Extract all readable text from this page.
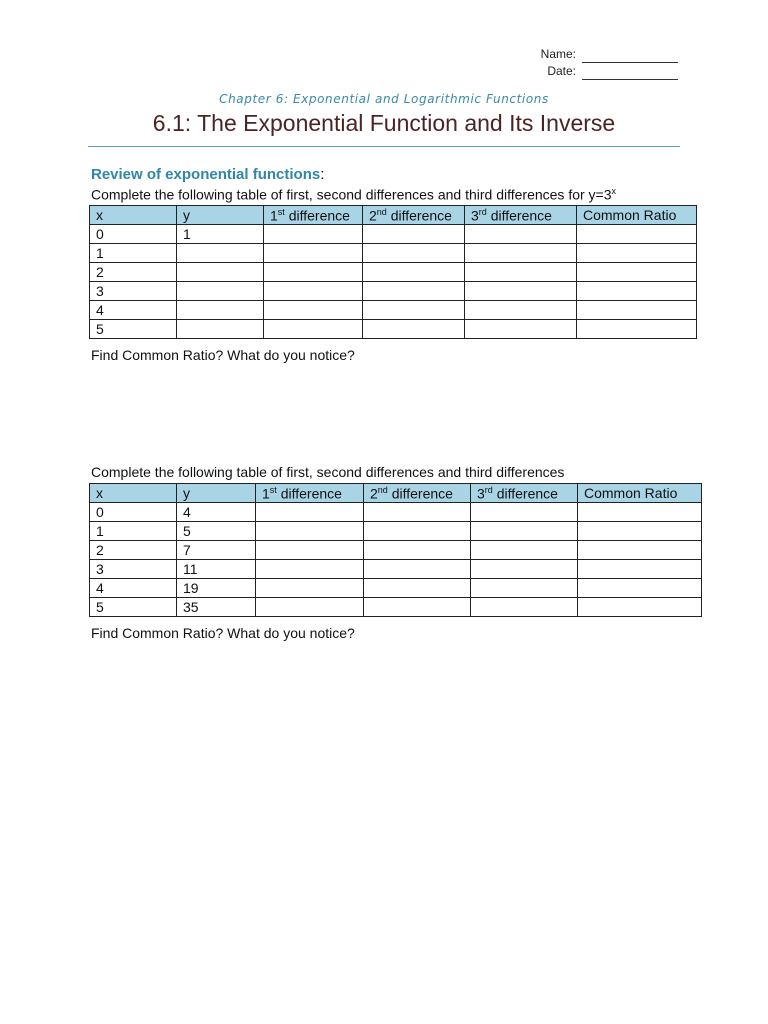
Name:
Date:
Chapter 6: Exponential and Logarithmic Functions
6.1: The Exponential Function and Its Inverse
Review of exponential functions:
Complete the following table of first, second differences and third differences for $y=3^x$
x	y	1st difference	2nd difference	3rd difference	Common Ratio
0	1				
1					
2					
3					
4					
5					
Find Common Ratio? What do you notice?
Complete the following table of first, second differences and third differences
x	y	1st difference	2nd difference	3rd difference	Common Ratio
0	4				
1	5				
2	7				
3	11				
4	19				
5	35				
Find Common Ratio? What do you notice?
